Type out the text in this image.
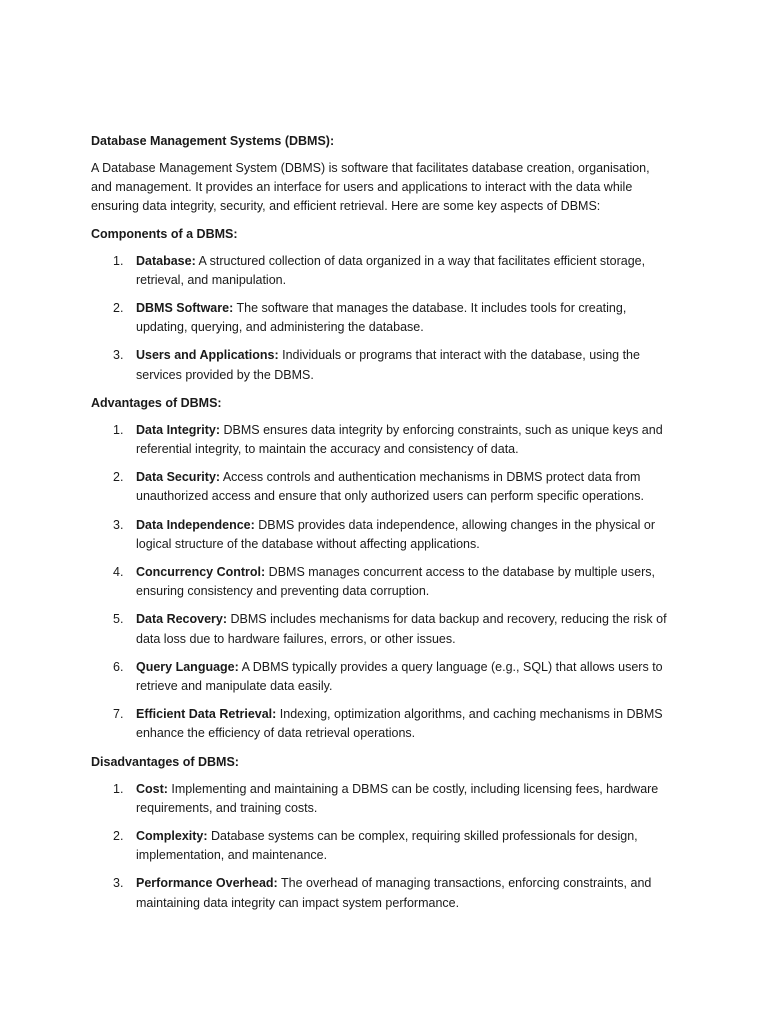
Database Management Systems (DBMS):
A Database Management System (DBMS) is software that facilitates database creation, organisation, and management. It provides an interface for users and applications to interact with the data while ensuring data integrity, security, and efficient retrieval. Here are some key aspects of DBMS:
Components of a DBMS:
1. Database: A structured collection of data organized in a way that facilitates efficient storage, retrieval, and manipulation.
2. DBMS Software: The software that manages the database. It includes tools for creating, updating, querying, and administering the database.
3. Users and Applications: Individuals or programs that interact with the database, using the services provided by the DBMS.
Advantages of DBMS:
1. Data Integrity: DBMS ensures data integrity by enforcing constraints, such as unique keys and referential integrity, to maintain the accuracy and consistency of data.
2. Data Security: Access controls and authentication mechanisms in DBMS protect data from unauthorized access and ensure that only authorized users can perform specific operations.
3. Data Independence: DBMS provides data independence, allowing changes in the physical or logical structure of the database without affecting applications.
4. Concurrency Control: DBMS manages concurrent access to the database by multiple users, ensuring consistency and preventing data corruption.
5. Data Recovery: DBMS includes mechanisms for data backup and recovery, reducing the risk of data loss due to hardware failures, errors, or other issues.
6. Query Language: A DBMS typically provides a query language (e.g., SQL) that allows users to retrieve and manipulate data easily.
7. Efficient Data Retrieval: Indexing, optimization algorithms, and caching mechanisms in DBMS enhance the efficiency of data retrieval operations.
Disadvantages of DBMS:
1. Cost: Implementing and maintaining a DBMS can be costly, including licensing fees, hardware requirements, and training costs.
2. Complexity: Database systems can be complex, requiring skilled professionals for design, implementation, and maintenance.
3. Performance Overhead: The overhead of managing transactions, enforcing constraints, and maintaining data integrity can impact system performance.
